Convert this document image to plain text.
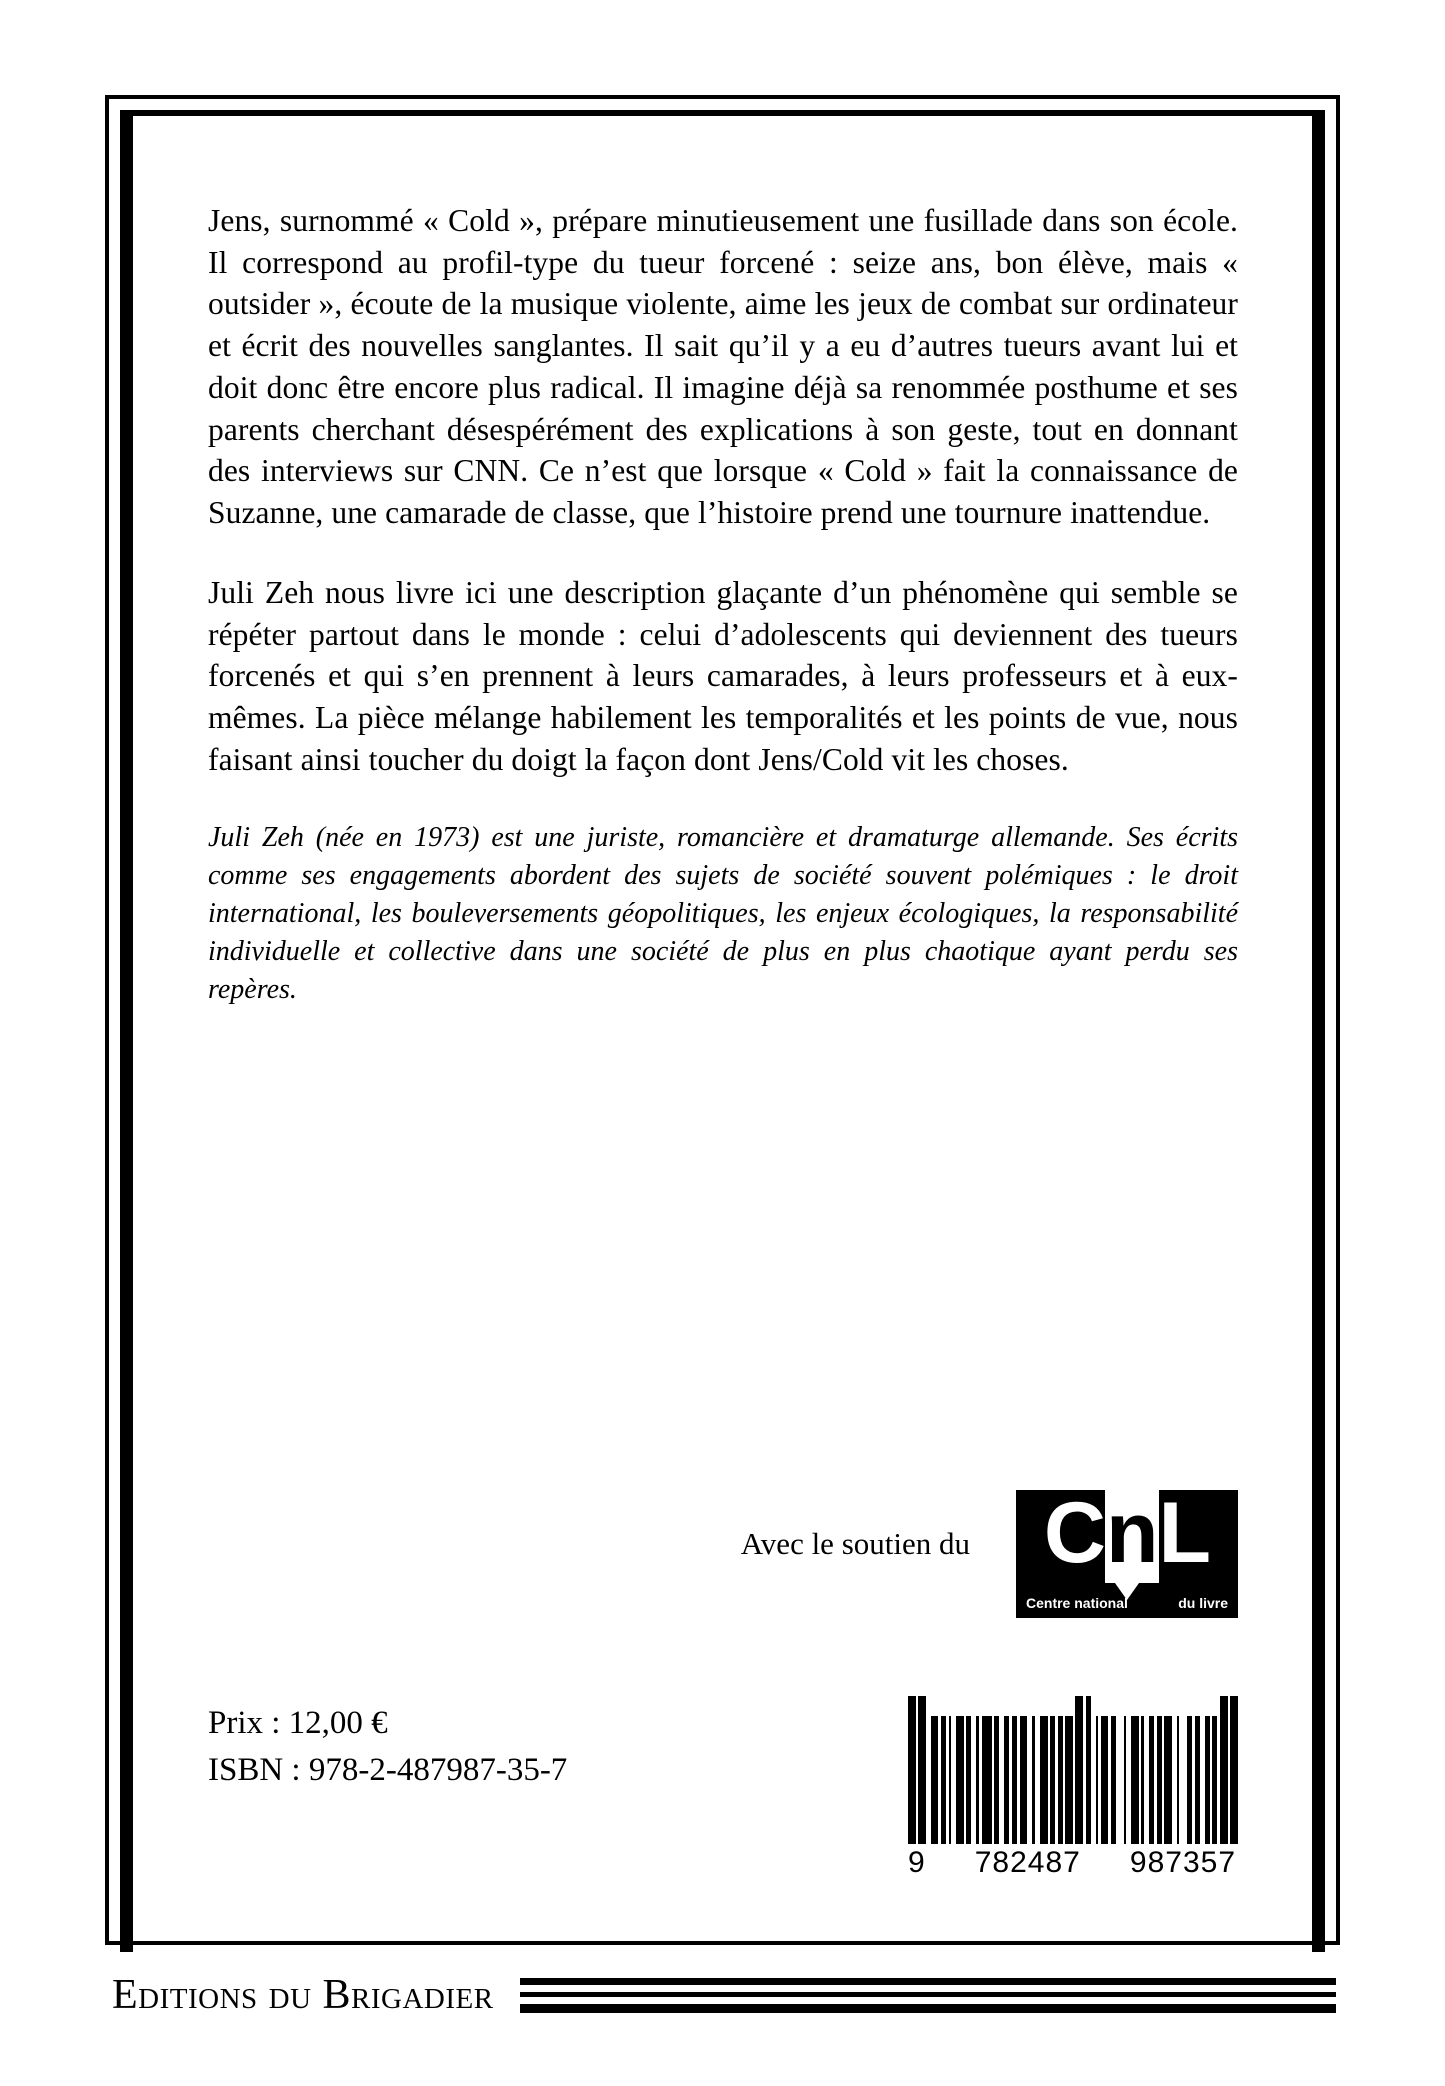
Jens, surnommé « Cold », prépare minutieusement une fusillade dans son école. Il correspond au profil-type du tueur forcené : seize ans, bon élève, mais « outsider », écoute de la musique violente, aime les jeux de combat sur ordinateur et écrit des nouvelles sanglantes. Il sait qu’il y a eu d’autres tueurs avant lui et doit donc être encore plus radical. Il imagine déjà sa renommée posthume et ses parents cherchant désespérément des explications à son geste, tout en donnant des interviews sur CNN. Ce n’est que lorsque « Cold » fait la connaissance de Suzanne, une camarade de classe, que l’histoire prend une tournure inattendue.

Juli Zeh nous livre ici une description glaçante d’un phénomène qui semble se répéter partout dans le monde : celui d’adolescents qui deviennent des tueurs forcenés et qui s’en prennent à leurs camarades, à leurs professeurs et à eux-mêmes. La pièce mélange habilement les temporalités et les points de vue, nous faisant ainsi toucher du doigt la façon dont Jens/Cold vit les choses.

Juli Zeh (née en 1973) est une juriste, romancière et dramaturge allemande. Ses écrits comme ses engagements abordent des sujets de société souvent polémiques : le droit international, les bouleversements géopolitiques, les enjeux écologiques, la responsabilité individuelle et collective dans une société de plus en plus chaotique ayant perdu ses repères.

Avec le soutien du CnL
Centre national	du livre
Prix : 12,00 €
ISBN : 978-2-487987-35-7
9 782487 987357
Editions du Brigadier
